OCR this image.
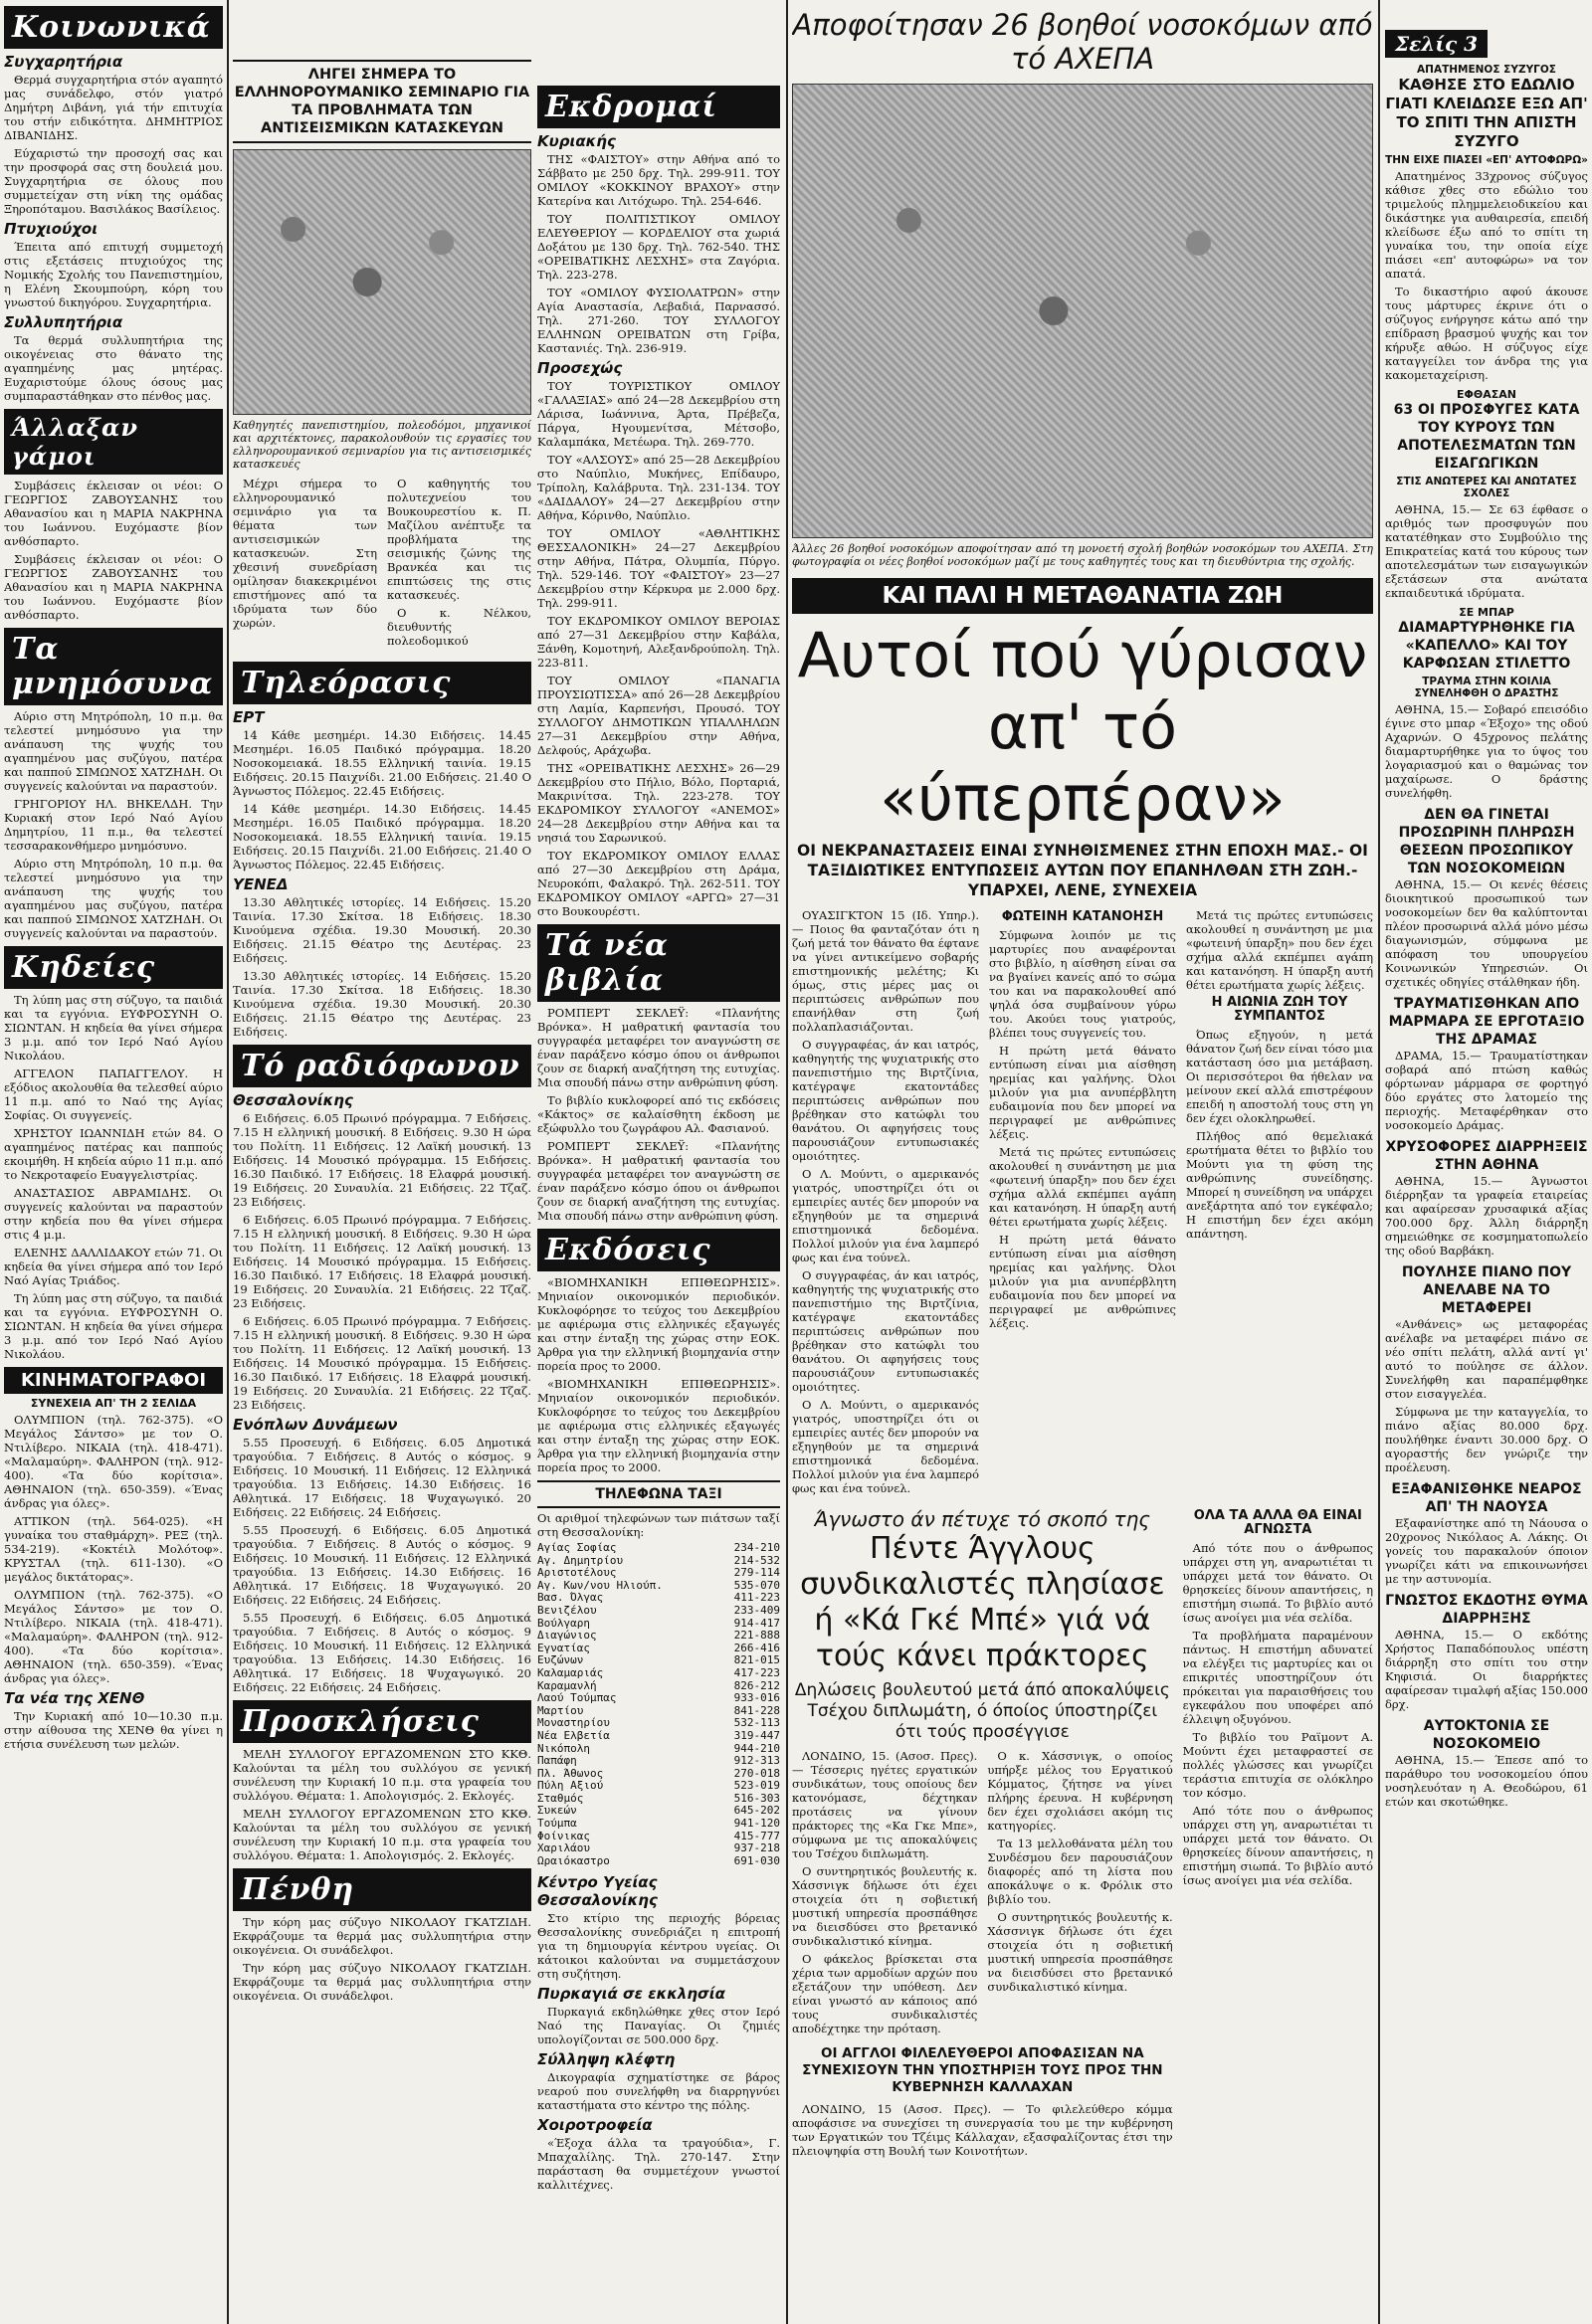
Κοινωνικά
Συγχαρητήρια

Θερμά συγχαρητήρια στόν αγαπητό μας συνάδελφο, στόν γιατρό Δημήτρη Διβάνη, γιά τήν επιτυχία του στήν ειδικότητα. ΔΗΜΗΤΡΙΟΣ ΔΙΒΑΝΙΔΗΣ.

Εύχαριστώ την προσοχή σας και την προσφορά σας στη δουλειά μου. Συγχαρητήρια σε όλους που συμμετείχαν στη νίκη της ομάδας Ξηροπόταμου. Βασιλάκος Βασίλειος.

Πτυχιούχοι

Έπειτα από επιτυχή συμμετοχή στις εξετάσεις πτυχιούχος της Νομικής Σχολής του Πανεπιστημίου, η Ελένη Σκουμπούρη, κόρη του γνωστού δικηγόρου. Συγχαρητήρια.

Συλλυπητήρια

Τα θερμά συλλυπητήρια της οικογένειας στο θάνατο της αγαπημένης μας μητέρας. Ευχαριστούμε όλους όσους μας συμπαραστάθηκαν στο πένθος μας.

Άλλαξαν γάμοι

Συμβάσεις έκλεισαν οι νέοι: Ο ΓΕΩΡΓΙΟΣ ΖΑΒΟΥΣΑΝΗΣ του Αθανασίου και η ΜΑΡΙΑ ΝΑΚΡΗΝΑ του Ιωάννου. Ευχόμαστε βίον ανθόσπαρτο.

Συμβάσεις έκλεισαν οι νέοι: Ο ΓΕΩΡΓΙΟΣ ΖΑΒΟΥΣΑΝΗΣ του Αθανασίου και η ΜΑΡΙΑ ΝΑΚΡΗΝΑ του Ιωάννου. Ευχόμαστε βίον ανθόσπαρτο.

Τα μνημόσυνα

Αύριο στη Μητρόπολη, 10 π.μ. θα τελεστεί μνημόσυνο για την ανάπαυση της ψυχής του αγαπημένου μας συζύγου, πατέρα και παππού ΣΙΜΩΝΟΣ ΧΑΤΖΗΔΗ. Οι συγγενείς καλούνται να παραστούν.

ΓΡΗΓΟΡΙΟΥ ΗΛ. ΒΗΚΕΛΔΗ. Την Κυριακή στον Ιερό Ναό Αγίου Δημητρίου, 11 π.μ., θα τελεστεί τεσσαρακονθήμερο μνημόσυνο.

Αύριο στη Μητρόπολη, 10 π.μ. θα τελεστεί μνημόσυνο για την ανάπαυση της ψυχής του αγαπημένου μας συζύγου, πατέρα και παππού ΣΙΜΩΝΟΣ ΧΑΤΖΗΔΗ. Οι συγγενείς καλούνται να παραστούν.

Κηδείες

Τη λύπη μας στη σύζυγο, τα παιδιά και τα εγγόνια. ΕΥΦΡΟΣΥΝΗ Ο. ΣΙΩΝΤΑΝ. Η κηδεία θα γίνει σήμερα 3 μ.μ. από τον Ιερό Ναό Αγίου Νικολάου.

ΑΓΓΕΛΟΝ ΠΑΠΑΓΓΕΛΟΥ. Η εξόδιος ακολουθία θα τελεσθεί αύριο 11 π.μ. από το Ναό της Αγίας Σοφίας. Οι συγγενείς.

ΧΡΗΣΤΟΥ ΙΩΑΝΝΙΔΗ ετών 84. Ο αγαπημένος πατέρας και παππούς εκοιμήθη. Η κηδεία αύριο 11 π.μ. από το Νεκροταφείο Ευαγγελιστρίας.

ΑΝΑΣΤΑΣΙΟΣ ΑΒΡΑΜΙΔΗΣ. Οι συγγενείς καλούνται να παραστούν στην κηδεία που θα γίνει σήμερα στις 4 μ.μ.

ΕΛΕΝΗΣ ΔΑΛΛΙΔΑΚΟΥ ετών 71. Οι κηδεία θα γίνει σήμερα από τον Ιερό Ναό Αγίας Τριάδος.

Τη λύπη μας στη σύζυγο, τα παιδιά και τα εγγόνια. ΕΥΦΡΟΣΥΝΗ Ο. ΣΙΩΝΤΑΝ. Η κηδεία θα γίνει σήμερα 3 μ.μ. από τον Ιερό Ναό Αγίου Νικολάου.

ΚΙΝΗΜΑΤΟΓΡΑΦΟΙ
ΣΥΝΕΧΕΙΑ ΑΠ' ΤΗ 2 ΣΕΛΙΔΑ

ΟΛΥΜΠΙΟΝ (τηλ. 762-375). «Ο Μεγάλος Σάντσο» με τον Ο. Ντιλίβερο. ΝΙΚΑΙΑ (τηλ. 418-471). «Μαλαμαύρη». ΦΑΛΗΡΟΝ (τηλ. 912-400). «Τα δύο κορίτσια». ΑΘΗΝΑΙΟΝ (τηλ. 650-359). «Ένας άνδρας για όλες».

ΑΤΤΙΚΟΝ (τηλ. 564-025). «Η γυναίκα του σταθμάρχη». ΡΕΞ (τηλ. 534-219). «Κοκτέιλ Μολότοφ». ΚΡΥΣΤΑΛ (τηλ. 611-130). «Ο μεγάλος δικτάτορας».

ΟΛΥΜΠΙΟΝ (τηλ. 762-375). «Ο Μεγάλος Σάντσο» με τον Ο. Ντιλίβερο. ΝΙΚΑΙΑ (τηλ. 418-471). «Μαλαμαύρη». ΦΑΛΗΡΟΝ (τηλ. 912-400). «Τα δύο κορίτσια». ΑΘΗΝΑΙΟΝ (τηλ. 650-359). «Ένας άνδρας για όλες».

Τα νέα της ΧΕΝΘ

Την Κυριακή από 10—10.30 π.μ. στην αίθουσα της ΧΕΝΘ θα γίνει η ετήσια συνέλευση των μελών.

ΛΗΓΕΙ ΣΗΜΕΡΑ ΤΟ ΕΛΛΗΝΟΡΟΥΜΑΝΙΚΟ ΣΕΜΙΝΑΡΙΟ ΓΙΑ ΤΑ ΠΡΟΒΛΗΜΑΤΑ ΤΩΝ ΑΝΤΙΣΕΙΣΜΙΚΩΝ ΚΑΤΑΣΚΕΥΩΝ
Καθηγητές πανεπιστημίου, πολεοδόμοι, μηχανικοί και αρχιτέκτονες, παρακολουθούν τις εργασίες του ελληνορουμανικού σεμιναρίου για τις αντισεισμικές κατασκευές

Μέχρι σήμερα το ελληνορουμανικό σεμινάριο για τα θέματα των αντισεισμικών κατασκευών. Στη χθεσινή συνεδρίαση ομίλησαν διακεκριμένοι επιστήμονες από τα ιδρύματα των δύο χωρών.

Ο καθηγητής του πολυτεχνείου του Βουκουρεστίου κ. Π. Μαζίλου ανέπτυξε τα προβλήματα της σεισμικής ζώνης της Βρανκέα και τις επιπτώσεις της στις κατασκευές.

Ο κ. Νέλκου, διευθυντής πολεοδομικού

Τηλεόρασις
ΕΡΤ

14 Κάθε μεσημέρι. 14.30 Ειδήσεις. 14.45 Μεσημέρι. 16.05 Παιδικό πρόγραμμα. 18.20 Νοσοκομειακά. 18.55 Ελληνική ταινία. 19.15 Ειδήσεις. 20.15 Παιχνίδι. 21.00 Ειδήσεις. 21.40 Ο Άγνωστος Πόλεμος. 22.45 Ειδήσεις.

14 Κάθε μεσημέρι. 14.30 Ειδήσεις. 14.45 Μεσημέρι. 16.05 Παιδικό πρόγραμμα. 18.20 Νοσοκομειακά. 18.55 Ελληνική ταινία. 19.15 Ειδήσεις. 20.15 Παιχνίδι. 21.00 Ειδήσεις. 21.40 Ο Άγνωστος Πόλεμος. 22.45 Ειδήσεις.

ΥΕΝΕΔ

13.30 Αθλητικές ιστορίες. 14 Ειδήσεις. 15.20 Ταινία. 17.30 Σκίτσα. 18 Ειδήσεις. 18.30 Κινούμενα σχέδια. 19.30 Μουσική. 20.30 Ειδήσεις. 21.15 Θέατρο της Δευτέρας. 23 Ειδήσεις.

13.30 Αθλητικές ιστορίες. 14 Ειδήσεις. 15.20 Ταινία. 17.30 Σκίτσα. 18 Ειδήσεις. 18.30 Κινούμενα σχέδια. 19.30 Μουσική. 20.30 Ειδήσεις. 21.15 Θέατρο της Δευτέρας. 23 Ειδήσεις.

Τό ραδιόφωνον
Θεσσαλονίκης

6 Ειδήσεις. 6.05 Πρωινό πρόγραμμα. 7 Ειδήσεις. 7.15 Η ελληνική μουσική. 8 Ειδήσεις. 9.30 Η ώρα του Πολίτη. 11 Ειδήσεις. 12 Λαϊκή μουσική. 13 Ειδήσεις. 14 Μουσικό πρόγραμμα. 15 Ειδήσεις. 16.30 Παιδικό. 17 Ειδήσεις. 18 Ελαφρά μουσική. 19 Ειδήσεις. 20 Συναυλία. 21 Ειδήσεις. 22 Τζαζ. 23 Ειδήσεις.

6 Ειδήσεις. 6.05 Πρωινό πρόγραμμα. 7 Ειδήσεις. 7.15 Η ελληνική μουσική. 8 Ειδήσεις. 9.30 Η ώρα του Πολίτη. 11 Ειδήσεις. 12 Λαϊκή μουσική. 13 Ειδήσεις. 14 Μουσικό πρόγραμμα. 15 Ειδήσεις. 16.30 Παιδικό. 17 Ειδήσεις. 18 Ελαφρά μουσική. 19 Ειδήσεις. 20 Συναυλία. 21 Ειδήσεις. 22 Τζαζ. 23 Ειδήσεις.

6 Ειδήσεις. 6.05 Πρωινό πρόγραμμα. 7 Ειδήσεις. 7.15 Η ελληνική μουσική. 8 Ειδήσεις. 9.30 Η ώρα του Πολίτη. 11 Ειδήσεις. 12 Λαϊκή μουσική. 13 Ειδήσεις. 14 Μουσικό πρόγραμμα. 15 Ειδήσεις. 16.30 Παιδικό. 17 Ειδήσεις. 18 Ελαφρά μουσική. 19 Ειδήσεις. 20 Συναυλία. 21 Ειδήσεις. 22 Τζαζ. 23 Ειδήσεις.

Ενόπλων Δυνάμεων

5.55 Προσευχή. 6 Ειδήσεις. 6.05 Δημοτικά τραγούδια. 7 Ειδήσεις. 8 Αυτός ο κόσμος. 9 Ειδήσεις. 10 Μουσική. 11 Ειδήσεις. 12 Ελληνικά τραγούδια. 13 Ειδήσεις. 14.30 Ειδήσεις. 16 Αθλητικά. 17 Ειδήσεις. 18 Ψυχαγωγικό. 20 Ειδήσεις. 22 Ειδήσεις. 24 Ειδήσεις.

5.55 Προσευχή. 6 Ειδήσεις. 6.05 Δημοτικά τραγούδια. 7 Ειδήσεις. 8 Αυτός ο κόσμος. 9 Ειδήσεις. 10 Μουσική. 11 Ειδήσεις. 12 Ελληνικά τραγούδια. 13 Ειδήσεις. 14.30 Ειδήσεις. 16 Αθλητικά. 17 Ειδήσεις. 18 Ψυχαγωγικό. 20 Ειδήσεις. 22 Ειδήσεις. 24 Ειδήσεις.

5.55 Προσευχή. 6 Ειδήσεις. 6.05 Δημοτικά τραγούδια. 7 Ειδήσεις. 8 Αυτός ο κόσμος. 9 Ειδήσεις. 10 Μουσική. 11 Ειδήσεις. 12 Ελληνικά τραγούδια. 13 Ειδήσεις. 14.30 Ειδήσεις. 16 Αθλητικά. 17 Ειδήσεις. 18 Ψυχαγωγικό. 20 Ειδήσεις. 22 Ειδήσεις. 24 Ειδήσεις.

Προσκλήσεις

ΜΕΛΗ ΣΥΛΛΟΓΟΥ ΕΡΓΑΖΟΜΕΝΩΝ ΣΤΟ ΚΚΘ. Καλούνται τα μέλη του συλλόγου σε γενική συνέλευση την Κυριακή 10 π.μ. στα γραφεία του συλλόγου. Θέματα: 1. Απολογισμός. 2. Εκλογές.

ΜΕΛΗ ΣΥΛΛΟΓΟΥ ΕΡΓΑΖΟΜΕΝΩΝ ΣΤΟ ΚΚΘ. Καλούνται τα μέλη του συλλόγου σε γενική συνέλευση την Κυριακή 10 π.μ. στα γραφεία του συλλόγου. Θέματα: 1. Απολογισμός. 2. Εκλογές.

Πένθη

Την κόρη μας σύζυγο ΝΙΚΟΛΑΟΥ ΓΚΑΤΖΙΔΗ. Εκφράζουμε τα θερμά μας συλλυπητήρια στην οικογένεια. Οι συνάδελφοι.

Την κόρη μας σύζυγο ΝΙΚΟΛΑΟΥ ΓΚΑΤΖΙΔΗ. Εκφράζουμε τα θερμά μας συλλυπητήρια στην οικογένεια. Οι συνάδελφοι.

Εκδρομαί
Κυριακής

ΤΗΣ «ΦΑΙΣΤΟΥ» στην Αθήνα από το Σάββατο με 250 δρχ. Τηλ. 299-911. ΤΟΥ ΟΜΙΛΟΥ «ΚΟΚΚΙΝΟΥ ΒΡΑΧΟΥ» στην Κατερίνα και Λιτόχωρο. Τηλ. 254-646.

ΤΟΥ ΠΟΛΙΤΙΣΤΙΚΟΥ ΟΜΙΛΟΥ ΕΛΕΥΘΕΡΙΟΥ — ΚΟΡΔΕΛΙΟΥ στα χωριά Δοξάτου με 130 δρχ. Τηλ. 762-540. ΤΗΣ «ΟΡΕΙΒΑΤΙΚΗΣ ΛΕΣΧΗΣ» στα Ζαγόρια. Τηλ. 223-278.

ΤΟΥ «ΟΜΙΛΟΥ ΦΥΣΙΟΛΑΤΡΩΝ» στην Αγία Αναστασία, Λεβαδιά, Παρνασσό. Τηλ. 271-260. ΤΟΥ ΣΥΛΛΟΓΟΥ ΕΛΛΗΝΩΝ ΟΡΕΙΒΑΤΩΝ στη Γρίβα, Καστανιές. Τηλ. 236-919.

Προσεχώς

ΤΟΥ ΤΟΥΡΙΣΤΙΚΟΥ ΟΜΙΛΟΥ «ΓΑΛΑΞΙΑΣ» από 24—28 Δεκεμβρίου στη Λάρισα, Ιωάννινα, Άρτα, Πρέβεζα, Πάργα, Ηγουμενίτσα, Μέτσοβο, Καλαμπάκα, Μετέωρα. Τηλ. 269-770.

ΤΟΥ «ΑΛΣΟΥΣ» από 25—28 Δεκεμβρίου στο Ναύπλιο, Μυκήνες, Επίδαυρο, Τρίπολη, Καλάβρυτα. Τηλ. 231-134. ΤΟΥ «ΔΑΙΔΑΛΟΥ» 24—27 Δεκεμβρίου στην Αθήνα, Κόρινθο, Ναύπλιο.

ΤΟΥ ΟΜΙΛΟΥ «ΑΘΛΗΤΙΚΗΣ ΘΕΣΣΑΛΟΝΙΚΗ» 24—27 Δεκεμβρίου στην Αθήνα, Πάτρα, Ολυμπία, Πύργο. Τηλ. 529-146. ΤΟΥ «ΦΑΙΣΤΟΥ» 23—27 Δεκεμβρίου στην Κέρκυρα με 2.000 δρχ. Τηλ. 299-911.

ΤΟΥ ΕΚΔΡΟΜΙΚΟΥ ΟΜΙΛΟΥ ΒΕΡΟΙΑΣ από 27—31 Δεκεμβρίου στην Καβάλα, Ξάνθη, Κομοτηνή, Αλεξανδρούπολη. Τηλ. 223-811.

ΤΟΥ ΟΜΙΛΟΥ «ΠΑΝΑΓΙΑ ΠΡΟΥΣΙΩΤΙΣΣΑ» από 26—28 Δεκεμβρίου στη Λαμία, Καρπενήσι, Προυσό. ΤΟΥ ΣΥΛΛΟΓΟΥ ΔΗΜΟΤΙΚΩΝ ΥΠΑΛΛΗΛΩΝ 27—31 Δεκεμβρίου στην Αθήνα, Δελφούς, Αράχωβα.

ΤΗΣ «ΟΡΕΙΒΑΤΙΚΗΣ ΛΕΣΧΗΣ» 26—29 Δεκεμβρίου στο Πήλιο, Βόλο, Πορταριά, Μακρινίτσα. Τηλ. 223-278. ΤΟΥ ΕΚΔΡΟΜΙΚΟΥ ΣΥΛΛΟΓΟΥ «ΑΝΕΜΟΣ» 24—28 Δεκεμβρίου στην Αθήνα και τα νησιά του Σαρωνικού.

ΤΟΥ ΕΚΔΡΟΜΙΚΟΥ ΟΜΙΛΟΥ ΕΛΛΑΣ από 27—30 Δεκεμβρίου στη Δράμα, Νευροκόπι, Φαλακρό. Τηλ. 262-511. ΤΟΥ ΕΚΔΡΟΜΙΚΟΥ ΟΜΙΛΟΥ «ΑΡΓΩ» 27—31 στο Βουκουρέστι.

Τά νέα βιβλία

ΡΟΜΠΕΡΤ ΣΕΚΛΕΫ: «Πλανήτης Βρόνκα». Η μαθρατική φαντασία του συγγραφέα μεταφέρει τον αναγνώστη σε έναν παράξενο κόσμο όπου οι άνθρωποι ζουν σε διαρκή αναζήτηση της ευτυχίας. Μια σπουδή πάνω στην ανθρώπινη φύση.

Το βιβλίο κυκλοφορεί από τις εκδόσεις «Κάκτος» σε καλαίσθητη έκδοση με εξώφυλλο του ζωγράφου Αλ. Φασιανού.

ΡΟΜΠΕΡΤ ΣΕΚΛΕΫ: «Πλανήτης Βρόνκα». Η μαθρατική φαντασία του συγγραφέα μεταφέρει τον αναγνώστη σε έναν παράξενο κόσμο όπου οι άνθρωποι ζουν σε διαρκή αναζήτηση της ευτυχίας. Μια σπουδή πάνω στην ανθρώπινη φύση.

Εκδόσεις

«ΒΙΟΜΗΧΑΝΙΚΗ ΕΠΙΘΕΩΡΗΣΙΣ». Μηνιαίον οικονομικόν περιοδικόν. Κυκλοφόρησε το τεύχος του Δεκεμβρίου με αφιέρωμα στις ελληνικές εξαγωγές και στην ένταξη της χώρας στην ΕΟΚ. Άρθρα για την ελληνική βιομηχανία στην πορεία προς το 2000.

«ΒΙΟΜΗΧΑΝΙΚΗ ΕΠΙΘΕΩΡΗΣΙΣ». Μηνιαίον οικονομικόν περιοδικόν. Κυκλοφόρησε το τεύχος του Δεκεμβρίου με αφιέρωμα στις ελληνικές εξαγωγές και στην ένταξη της χώρας στην ΕΟΚ. Άρθρα για την ελληνική βιομηχανία στην πορεία προς το 2000.

ΤΗΛΕΦΩΝΑ ΤΑΞΙ
Οι αριθμοί τηλεφώνων των πιάτσων ταξί στη Θεσσαλονίκη:
Αγίας Σοφίας	234-210
Αγ. Δημητρίου	214-532
Αριστοτέλους	279-114
Αγ. Κων/νου Ηλιούπ.	535-070
Βασ. Όλγας	411-223
Βενιζέλου	233-409
Βούλγαρη	914-417
Διαγώνιος	221-888
Εγνατίας	266-416
Ευζώνων	821-015
Καλαμαριάς	417-223
Καραμανλή	826-212
Λαού Τούμπας	933-016
Μαρτίου	841-228
Μοναστηρίου	532-113
Νέα Ελβετία	319-447
Νικόπολη	944-210
Παπάφη	912-313
Πλ. Άθωνος	270-018
Πύλη Αξιού	523-019
Σταθμός	516-303
Συκεών	645-202
Τούμπα	941-120
Φοίνικας	415-777
Χαριλάου	937-218
Ωραιόκαστρο	691-030
Κέντρο Υγείας Θεσσαλονίκης

Στο κτίριο της περιοχής βόρειας Θεσσαλονίκης συνεδριάζει η επιτροπή για τη δημιουργία κέντρου υγείας. Οι κάτοικοι καλούνται να συμμετάσχουν στη συζήτηση.

Πυρκαγιά σε εκκλησία

Πυρκαγιά εκδηλώθηκε χθες στον Ιερό Ναό της Παναγίας. Οι ζημιές υπολογίζονται σε 500.000 δρχ.

Σύλληψη κλέφτη

Δικογραφία σχηματίστηκε σε βάρος νεαρού που συνελήφθη να διαρρηγνύει καταστήματα στο κέντρο της πόλης.

Χοιροτροφεία

«Έξοχα άλλα τα τραγούδια», Γ. Μπαχαλίλης. Τηλ. 270-147. Στην παράσταση θα συμμετέχουν γνωστοί καλλιτέχνες.

Αποφοίτησαν 26 βοηθοί νοσοκόμων από τό ΑΧΕΠΑ
Άλλες 26 βοηθοί νοσοκόμων αποφοίτησαν από τη μονοετή σχολή βοηθών νοσοκόμων του ΑΧΕΠΑ. Στη φωτογραφία οι νέες βοηθοί νοσοκόμων μαζί με τους καθηγητές τους και τη διευθύντρια της σχολής.
ΚΑΙ ΠΑΛΙ Η ΜΕΤΑΘΑΝΑΤΙΑ ΖΩΗ
Αυτοί πού γύρισαν απ' τό «ύπερπέραν»
ΟΙ ΝΕΚΡΑΝΑΣΤΑΣΕΙΣ ΕΙΝΑΙ ΣΥΝΗΘΙΣΜΕΝΕΣ ΣΤΗΝ ΕΠΟΧΗ ΜΑΣ.- ΟΙ ΤΑΞΙΔΙΩΤΙΚΕΣ ΕΝΤΥΠΩΣΕΙΣ ΑΥΤΩΝ ΠΟΥ ΕΠΑΝΗΛΘΑΝ ΣΤΗ ΖΩΗ.-ΥΠΑΡΧΕΙ, ΛΕΝΕ, ΣΥΝΕΧΕΙΑ

ΟΥΑΣΙΓΚΤΟΝ 15 (Ιδ. Υπηρ.). — Ποιος θα φανταζόταν ότι η ζωή μετά τον θάνατο θα έφτανε να γίνει αντικείμενο σοβαρής επιστημονικής μελέτης; Κι όμως, στις μέρες μας οι περιπτώσεις ανθρώπων που επανήλθαν στη ζωή πολλαπλασιάζονται.

Ο συγγραφέας, άν και ιατρός, καθηγητής της ψυχιατρικής στο πανεπιστήμιο της Βιρτζίνια, κατέγραψε εκατοντάδες περιπτώσεις ανθρώπων που βρέθηκαν στο κατώφλι του θανάτου. Οι αφηγήσεις τους παρουσιάζουν εντυπωσιακές ομοιότητες.

Ο Λ. Μούντι, ο αμερικανός γιατρός, υποστηρίζει ότι οι εμπειρίες αυτές δεν μπορούν να εξηγηθούν με τα σημερινά επιστημονικά δεδομένα. Πολλοί μιλούν για ένα λαμπερό φως και ένα τούνελ.

Ο συγγραφέας, άν και ιατρός, καθηγητής της ψυχιατρικής στο πανεπιστήμιο της Βιρτζίνια, κατέγραψε εκατοντάδες περιπτώσεις ανθρώπων που βρέθηκαν στο κατώφλι του θανάτου. Οι αφηγήσεις τους παρουσιάζουν εντυπωσιακές ομοιότητες.

Ο Λ. Μούντι, ο αμερικανός γιατρός, υποστηρίζει ότι οι εμπειρίες αυτές δεν μπορούν να εξηγηθούν με τα σημερινά επιστημονικά δεδομένα. Πολλοί μιλούν για ένα λαμπερό φως και ένα τούνελ.

ΦΩΤΕΙΝΗ ΚΑΤΑΝΟΗΣΗ

Σύμφωνα λοιπόν με τις μαρτυρίες που αναφέρονται στο βιβλίο, η αίσθηση είναι σα να βγαίνει κανείς από το σώμα του και να παρακολουθεί από ψηλά όσα συμβαίνουν γύρω του. Ακούει τους γιατρούς, βλέπει τους συγγενείς του.

Η πρώτη μετά θάνατο εντύπωση είναι μια αίσθηση ηρεμίας και γαλήνης. Όλοι μιλούν για μια ανυπέρβλητη ευδαιμονία που δεν μπορεί να περιγραφεί με ανθρώπινες λέξεις.

Μετά τις πρώτες εντυπώσεις ακολουθεί η συνάντηση με μια «φωτεινή ύπαρξη» που δεν έχει σχήμα αλλά εκπέμπει αγάπη και κατανόηση. Η ύπαρξη αυτή θέτει ερωτήματα χωρίς λέξεις.

Η πρώτη μετά θάνατο εντύπωση είναι μια αίσθηση ηρεμίας και γαλήνης. Όλοι μιλούν για μια ανυπέρβλητη ευδαιμονία που δεν μπορεί να περιγραφεί με ανθρώπινες λέξεις.

Μετά τις πρώτες εντυπώσεις ακολουθεί η συνάντηση με μια «φωτεινή ύπαρξη» που δεν έχει σχήμα αλλά εκπέμπει αγάπη και κατανόηση. Η ύπαρξη αυτή θέτει ερωτήματα χωρίς λέξεις.

Η ΑΙΩΝΙΑ ΖΩΗ ΤΟΥ ΣΥΜΠΑΝΤΟΣ

Όπως εξηγούν, η μετά θάνατον ζωή δεν είναι τόσο μια κατάσταση όσο μια μετάβαση. Οι περισσότεροι θα ήθελαν να μείνουν εκεί αλλά επιστρέφουν επειδή η αποστολή τους στη γη δεν έχει ολοκληρωθεί.

Πλήθος από θεμελιακά ερωτήματα θέτει το βιβλίο του Μούντι για τη φύση της ανθρώπινης συνείδησης. Μπορεί η συνείδηση να υπάρχει ανεξάρτητα από τον εγκέφαλο; Η επιστήμη δεν έχει ακόμη απάντηση.

Άγνωστο άν πέτυχε τό σκοπό της
Πέντε Άγγλους συνδικαλιστές πλησίασε ή «Κά Γκέ Μπέ» γιά νά τούς κάνει πράκτορες
Δηλώσεις βουλευτού μετά άπό αποκαλύψεις Τσέχου διπλωμάτη, ό όποίος ύποστηρίζει ότι τούς προσέγγισε

ΛΟΝΔΙΝΟ, 15. (Ασοσ. Πρες). — Τέσσερις ηγέτες εργατικών συνδικάτων, τους οποίους δεν κατονόμασε, δέχτηκαν προτάσεις να γίνουν πράκτορες της «Κα Γκε Μπε», σύμφωνα με τις αποκαλύψεις του Τσέχου διπλωμάτη.

Ο συντηρητικός βουλευτής κ. Χάσσνιγκ δήλωσε ότι έχει στοιχεία ότι η σοβιετική μυστική υπηρεσία προσπάθησε να διεισδύσει στο βρετανικό συνδικαλιστικό κίνημα.

Ο φάκελος βρίσκεται στα χέρια των αρμοδίων αρχών που εξετάζουν την υπόθεση. Δεν είναι γνωστό αν κάποιος από τους συνδικαλιστές αποδέχτηκε την πρόταση.

Ο κ. Χάσσνιγκ, ο οποίος υπήρξε μέλος του Εργατικού Κόμματος, ζήτησε να γίνει πλήρης έρευνα. Η κυβέρνηση δεν έχει σχολιάσει ακόμη τις κατηγορίες.

Τα 13 μελλοθάνατα μέλη του Συνδέσμου δεν παρουσιάζουν διαφορές από τη λίστα που αποκάλυψε ο κ. Φρόλικ στο βιβλίο του.

Ο συντηρητικός βουλευτής κ. Χάσσνιγκ δήλωσε ότι έχει στοιχεία ότι η σοβιετική μυστική υπηρεσία προσπάθησε να διεισδύσει στο βρετανικό συνδικαλιστικό κίνημα.

ΟΙ ΑΓΓΛΟΙ ΦΙΛΕΛΕΥΘΕΡΟΙ ΑΠΟΦΑΣΙΣΑΝ ΝΑ ΣΥΝΕΧΙΣΟΥΝ ΤΗΝ ΥΠΟΣΤΗΡΙΞΗ ΤΟΥΣ ΠΡΟΣ ΤΗΝ ΚΥΒΕΡΝΗΣΗ ΚΑΛΛΑΧΑΝ

ΛΟΝΔΙΝΟ, 15 (Ασοσ. Πρες). — Το φιλελεύθερο κόμμα αποφάσισε να συνεχίσει τη συνεργασία του με την κυβέρνηση των Εργατικών του Τζέιμς Κάλλαχαν, εξασφαλίζοντας έτσι την πλειοψηφία στη Βουλή των Κοινοτήτων.

ΟΛΑ ΤΑ ΑΛΛΑ ΘΑ ΕΙΝΑΙ ΑΓΝΩΣΤΑ

Από τότε που ο άνθρωπος υπάρχει στη γη, αναρωτιέται τι υπάρχει μετά τον θάνατο. Οι θρησκείες δίνουν απαντήσεις, η επιστήμη σιωπά. Το βιβλίο αυτό ίσως ανοίγει μια νέα σελίδα.

Τα προβλήματα παραμένουν πάντως. Η επιστήμη αδυνατεί να ελέγξει τις μαρτυρίες και οι επικριτές υποστηρίζουν ότι πρόκειται για παραισθήσεις του εγκεφάλου που υποφέρει από έλλειψη οξυγόνου.

Το βιβλίο του Ραϊμοντ Α. Μούντι έχει μεταφραστεί σε πολλές γλώσσες και γνωρίζει τεράστια επιτυχία σε ολόκληρο τον κόσμο.

Από τότε που ο άνθρωπος υπάρχει στη γη, αναρωτιέται τι υπάρχει μετά τον θάνατο. Οι θρησκείες δίνουν απαντήσεις, η επιστήμη σιωπά. Το βιβλίο αυτό ίσως ανοίγει μια νέα σελίδα.

Σελίς 3
ΑΠΑΤΗΜΕΝΟΣ ΣΥΖΥΓΟΣ
ΚΑΘΗΣΕ ΣΤΟ ΕΔΩΛΙΟ ΓΙΑΤΙ ΚΛΕΙΔΩΣΕ ΕΞΩ ΑΠ' ΤΟ ΣΠΙΤΙ ΤΗΝ ΑΠΙΣΤΗ ΣΥΖΥΓΟ
ΤΗΝ ΕΙΧΕ ΠΙΑΣΕΙ «ΕΠ' ΑΥΤΟΦΩΡΩ»

Απατημένος 33χρονος σύζυγος κάθισε χθες στο εδώλιο του τριμελούς πλημμελειοδικείου και δικάστηκε για αυθαιρεσία, επειδή κλείδωσε έξω από το σπίτι τη γυναίκα του, την οποία είχε πιάσει «επ' αυτοφώρω» να τον απατά.

Το δικαστήριο αφού άκουσε τους μάρτυρες έκρινε ότι ο σύζυγος ενήργησε κάτω από την επίδραση βρασμού ψυχής και τον κήρυξε αθώο. Η σύζυγος είχε καταγγείλει τον άνδρα της για κακομεταχείριση.

ΕΦΘΑΣΑΝ
63 ΟΙ ΠΡΟΣΦΥΓΕΣ ΚΑΤΑ ΤΟΥ ΚΥΡΟΥΣ ΤΩΝ ΑΠΟΤΕΛΕΣΜΑΤΩΝ ΤΩΝ ΕΙΣΑΓΩΓΙΚΩΝ
ΣΤΙΣ ΑΝΩΤΕΡΕΣ ΚΑΙ ΑΝΩΤΑΤΕΣ ΣΧΟΛΕΣ

ΑΘΗΝΑ, 15.— Σε 63 έφθασε ο αριθμός των προσφυγών που κατατέθηκαν στο Συμβούλιο της Επικρατείας κατά του κύρους των αποτελεσμάτων των εισαγωγικών εξετάσεων στα ανώτατα εκπαιδευτικά ιδρύματα.

ΣΕ ΜΠΑΡ
ΔΙΑΜΑΡΤΥΡΗΘΗΚΕ ΓΙΑ «ΚΑΠΕΛΛΟ» ΚΑΙ ΤΟΥ ΚΑΡΦΩΣΑΝ ΣΤΙΛΕΤΤΟ
ΤΡΑΥΜΑ ΣΤΗΝ ΚΟΙΛΙΑ ΣΥΝΕΛΗΦΘΗ Ο ΔΡΑΣΤΗΣ

ΑΘΗΝΑ, 15.— Σοβαρό επεισόδιο έγινε στο μπαρ «Έξοχο» της οδού Αχαρνών. Ο 45χρονος πελάτης διαμαρτυρήθηκε για το ύψος του λογαριασμού και ο θαμώνας τον μαχαίρωσε. Ο δράστης συνελήφθη.

ΔΕΝ ΘΑ ΓΙΝΕΤΑΙ ΠΡΟΣΩΡΙΝΗ ΠΛΗΡΩΣΗ ΘΕΣΕΩΝ ΠΡΟΣΩΠΙΚΟΥ ΤΩΝ ΝΟΣΟΚΟΜΕΙΩΝ

ΑΘΗΝΑ, 15.— Οι κενές θέσεις διοικητικού προσωπικού των νοσοκομείων δεν θα καλύπτονται πλέον προσωρινά αλλά μόνο μέσω διαγωνισμών, σύμφωνα με απόφαση του υπουργείου Κοινωνικών Υπηρεσιών. Οι σχετικές οδηγίες στάλθηκαν ήδη.

ΤΡΑΥΜΑΤΙΣΘΗΚΑΝ ΑΠΟ ΜΑΡΜΑΡΑ ΣΕ ΕΡΓΟΤΑΞΙΟ ΤΗΣ ΔΡΑΜΑΣ

ΔΡΑΜΑ, 15.— Τραυματίστηκαν σοβαρά από πτώση καθώς φόρτωναν μάρμαρα σε φορτηγό δύο εργάτες στο λατομείο της περιοχής. Μεταφέρθηκαν στο νοσοκομείο Δράμας.

ΧΡΥΣΟΦΟΡΕΣ ΔΙΑΡΡΗΞΕΙΣ ΣΤΗΝ ΑΘΗΝΑ

ΑΘΗΝΑ, 15.— Άγνωστοι διέρρηξαν τα γραφεία εταιρείας και αφαίρεσαν χρυσαφικά αξίας 700.000 δρχ. Άλλη διάρρηξη σημειώθηκε σε κοσμηματοπωλείο της οδού Βαρβάκη.

ΠΟΥΛΗΣΕ ΠΙΑΝΟ ΠΟΥ ΑΝΕΛΑΒΕ ΝΑ ΤΟ ΜΕΤΑΦΕΡΕΙ

«Ανθάνεις» ως μεταφορέας ανέλαβε να μεταφέρει πιάνο σε νέο σπίτι πελάτη, αλλά αντί γι' αυτό το πούλησε σε άλλον. Συνελήφθη και παραπέμφθηκε στον εισαγγελέα.

Σύμφωνα με την καταγγελία, το πιάνο αξίας 80.000 δρχ. πουλήθηκε έναντι 30.000 δρχ. Ο αγοραστής δεν γνώριζε την προέλευση.

ΕΞΑΦΑΝΙΣΘΗΚΕ ΝΕΑΡΟΣ ΑΠ' ΤΗ ΝΑΟΥΣΑ

Εξαφανίστηκε από τη Νάουσα ο 20χρονος Νικόλαος Α. Λάκης. Οι γονείς του παρακαλούν όποιον γνωρίζει κάτι να επικοινωνήσει με την αστυνομία.

ΓΝΩΣΤΟΣ ΕΚΔΟΤΗΣ ΘΥΜΑ ΔΙΑΡΡΗΞΗΣ

ΑΘΗΝΑ, 15.— Ο εκδότης Χρήστος Παπαδόπουλος υπέστη διάρρηξη στο σπίτι του στην Κηφισιά. Οι διαρρήκτες αφαίρεσαν τιμαλφή αξίας 150.000 δρχ.

ΑΥΤΟΚΤΟΝΙΑ ΣΕ ΝΟΣΟΚΟΜΕΙΟ

ΑΘΗΝΑ, 15.— Έπεσε από το παράθυρο του νοσοκομείου όπου νοσηλευόταν η Α. Θεοδώρου, 61 ετών και σκοτώθηκε.
